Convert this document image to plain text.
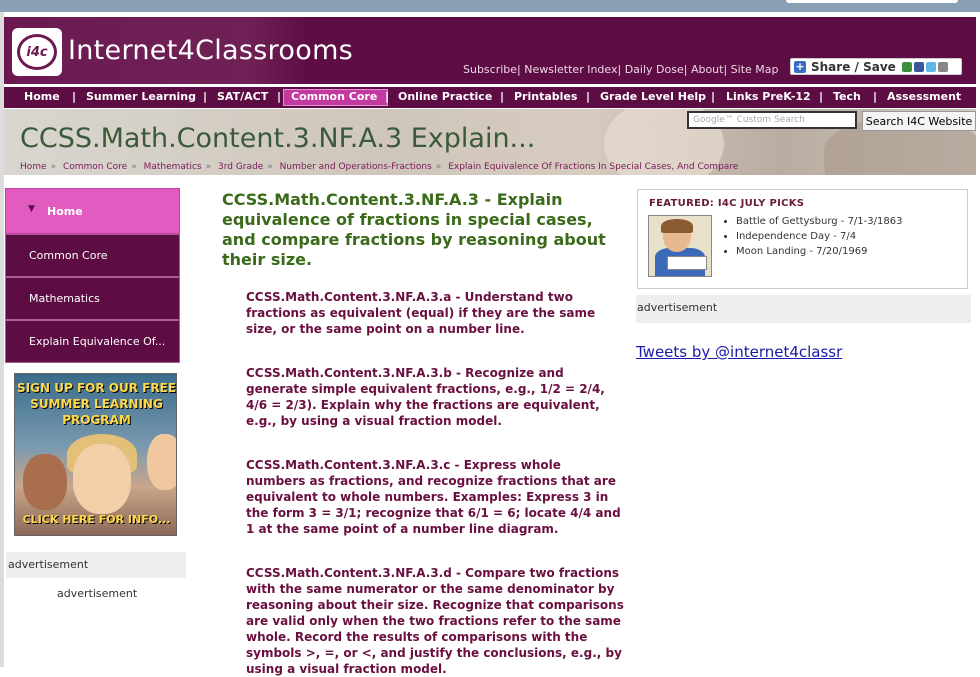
i4c Internet4Classrooms
Subscribe| Newsletter Index| Daily Dose| About| Site Map + Share / Save
Home | Summer Learning | SAT/ACT | Common Core | Online Practice | Printables | Grade Level Help | Links PreK-12 | Tech | Assessment
CCSS.Math.Content.3.NF.A.3 Explain...
Home » Common Core » Mathematics » 3rd Grade » Number and Operations-Fractions » Explain Equivalence Of Fractions In Special Cases, And Compare
Google™ Custom Search	Search I4C Website
▼ Home
Common Core
Mathematics
Explain Equivalence Of...
SIGN UP FOR OUR FREE SUMMER LEARNING PROGRAM
CLICK HERE FOR INFO...
advertisement
advertisement
CCSS.Math.Content.3.NF.A.3 - Explain equivalence of fractions in special cases, and compare fractions by reasoning about their size.

CCSS.Math.Content.3.NF.A.3.a - Understand two fractions as equivalent (equal) if they are the same size, or the same point on a number line.

CCSS.Math.Content.3.NF.A.3.b - Recognize and generate simple equivalent fractions, e.g., 1/2 = 2/4, 4/6 = 2/3). Explain why the fractions are equivalent, e.g., by using a visual fraction model.

CCSS.Math.Content.3.NF.A.3.c - Express whole numbers as fractions, and recognize fractions that are equivalent to whole numbers. Examples: Express 3 in the form 3 = 3/1; recognize that 6/1 = 6; locate 4/4 and 1 at the same point of a number line diagram.

CCSS.Math.Content.3.NF.A.3.d - Compare two fractions with the same numerator or the same denominator by reasoning about their size. Recognize that comparisons are valid only when the two fractions refer to the same whole. Record the results of comparisons with the symbols >, =, or <, and justify the conclusions, e.g., by using a visual fraction model.

FEATURED: I4C JULY PICKS
• Battle of Gettysburg - 7/1-3/1863
• Independence Day - 7/4
• Moon Landing - 7/20/1969
advertisement
Tweets by @internet4classr
